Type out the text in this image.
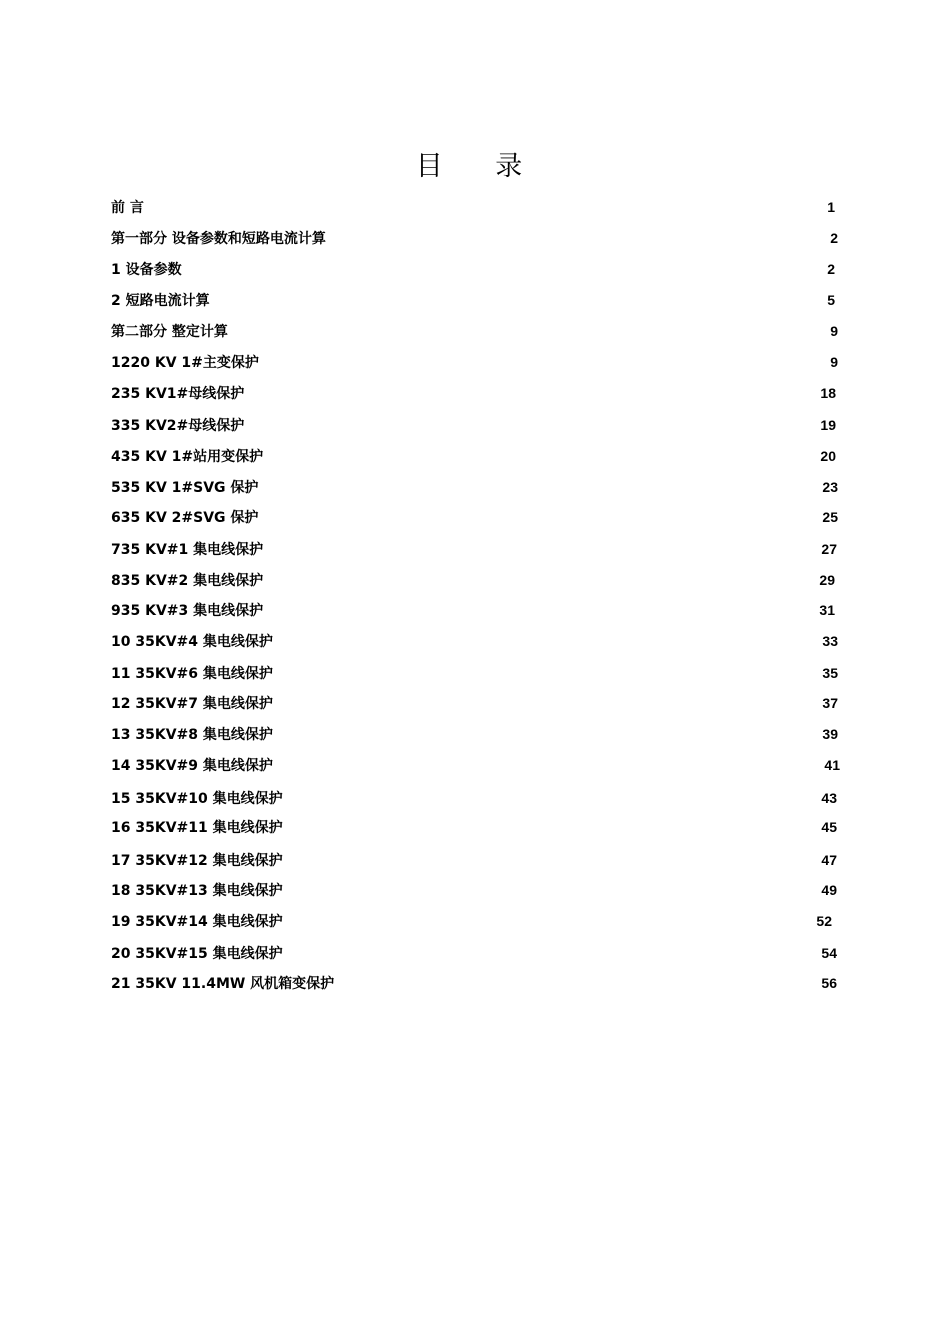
目 录
前 言	1
第一部分 设备参数和短路电流计算	2
1 设备参数	2
2 短路电流计算	5
第二部分 整定计算	9
1220 KV 1#主变保护	9
235 KV1#母线保护	18
335 KV2#母线保护	19
435 KV 1#站用变保护	20
535 KV 1#SVG 保护	23
635 KV 2#SVG 保护	25
735 KV#1 集电线保护	27
835 KV#2 集电线保护	29
935 KV#3 集电线保护	31
10 35KV#4 集电线保护	33
11 35KV#6 集电线保护	35
12 35KV#7 集电线保护	37
13 35KV#8 集电线保护	39
14 35KV#9 集电线保护	41
15 35KV#10 集电线保护	43
16 35KV#11 集电线保护	45
17 35KV#12 集电线保护	47
18 35KV#13 集电线保护	49
19 35KV#14 集电线保护	52
20 35KV#15 集电线保护	54
21 35KV 11.4MW 风机箱变保护	56
